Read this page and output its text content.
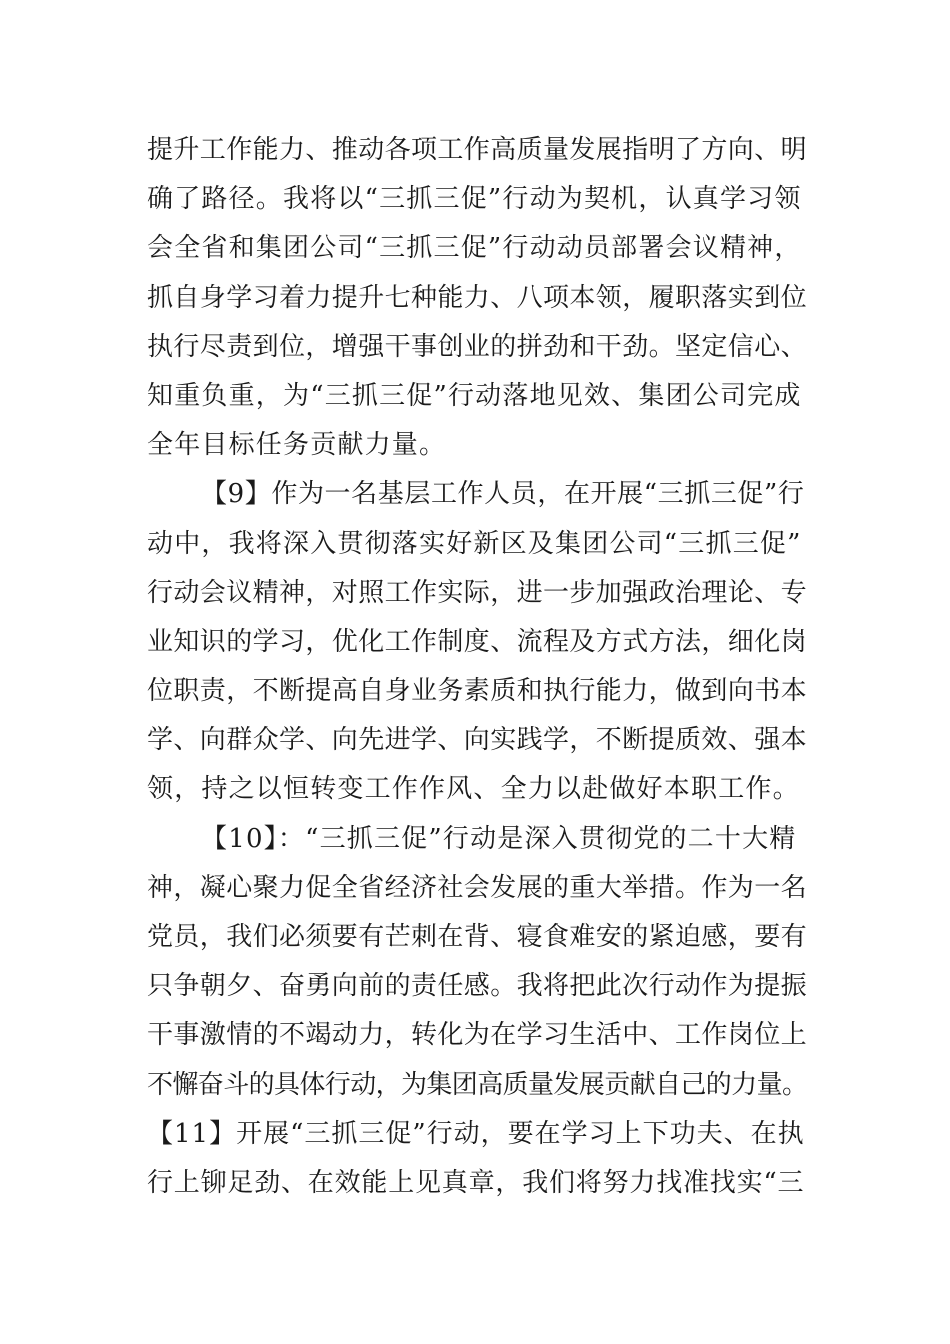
提升工作能力、推动各项工作高质量发展指明了方向、明
确了路径。我将以“三抓三促”行动为契机，认真学习领
会全省和集团公司“三抓三促”行动动员部署会议精神，
抓自身学习着力提升七种能力、八项本领，履职落实到位
执行尽责到位，增强干事创业的拼劲和干劲。坚定信心、
知重负重，为“三抓三促”行动落地见效、集团公司完成
全年目标任务贡献力量。
【9】作为一名基层工作人员，在开展“三抓三促”行
动中，我将深入贯彻落实好新区及集团公司“三抓三促”
行动会议精神，对照工作实际，进一步加强政治理论、专
业知识的学习，优化工作制度、流程及方式方法，细化岗
位职责，不断提高自身业务素质和执行能力，做到向书本
学、向群众学、向先进学、向实践学，不断提质效、强本
领，持之以恒转变工作作风、全力以赴做好本职工作。
【10】：“三抓三促”行动是深入贯彻党的二十大精
神，凝心聚力促全省经济社会发展的重大举措。作为一名
党员，我们必须要有芒刺在背、寝食难安的紧迫感，要有
只争朝夕、奋勇向前的责任感。我将把此次行动作为提振
干事激情的不竭动力，转化为在学习生活中、工作岗位上
不懈奋斗的具体行动，为集团高质量发展贡献自己的力量。
【11】开展“三抓三促”行动，要在学习上下功夫、在执
行上铆足劲、在效能上见真章，我们将努力找准找实“三
